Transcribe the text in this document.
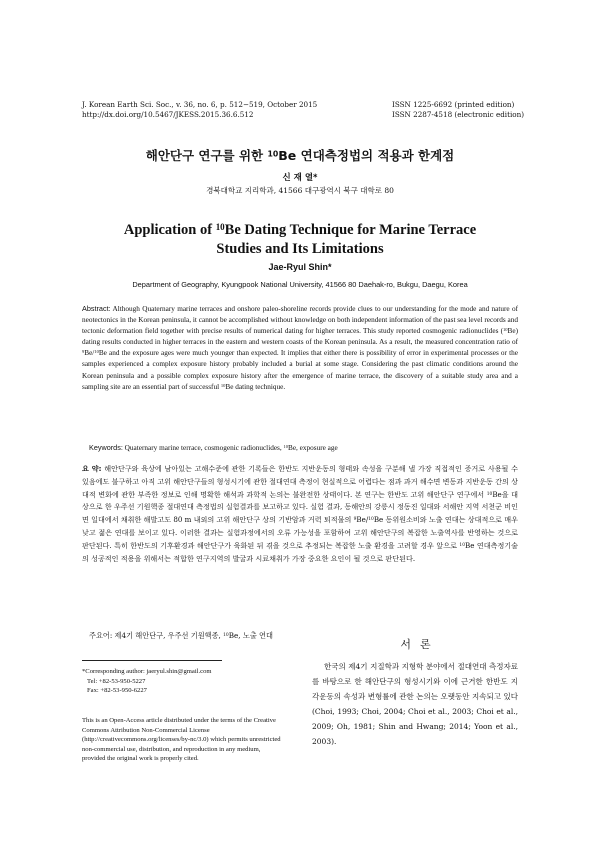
J. Korean Earth Sci. Soc., v. 36, no. 6, p. 512−519, October 2015
http://dx.doi.org/10.5467/JKESS.2015.36.6.512
ISSN 1225-6692 (printed edition)
ISSN 2287-4518 (electronic edition)
해안단구 연구를 위한 $^{10}$Be 연대측정법의 적용과 한계점
신 재 열*
경북대학교 지리학과, 41566 대구광역시 북구 대학로 80
Application of $^{10}$Be Dating Technique for Marine Terrace
Studies and Its Limitations
Jae-Ryul Shin*
Department of Geography, Kyungpook National University, 41566 80 Daehak-ro, Bukgu, Daegu, Korea
Abstract: Although Quaternary marine terraces and onshore paleo-shoreline records provide clues to our understanding for the mode and nature of neotectonics in the Korean peninsula, it cannot be accomplished without knowledge on both independent information of the past sea level records and tectonic deformation field together with precise results of numerical dating for higher terraces. This study reported cosmogenic radionuclides ($^{10}$Be) dating results conducted in higher terraces in the eastern and western coasts of the Korean peninsula. As a result, the measured concentration ratio of $^9$Be/$^{10}$Be and the exposure ages were much younger than expected. It implies that either there is possibility of error in experimental processes or the samples experienced a complex exposure history probably included a burial at some stage. Considering the past climatic conditions around the Korean peninsula and a possible complex exposure history after the emergence of marine terrace, the discovery of a suitable study area and a sampling site are an essential part of successful $^{10}$Be dating technique.
Keywords: Quaternary marine terrace, cosmogenic radionuclides, $^{10}$Be, exposure age
요 약: 해안단구와 육상에 남아있는 고해수준에 관한 기록들은 한반도 지반운동의 형태와 속성을 구분해 낼 가장 직접적인 증거로 사용될 수 있음에도 불구하고 아직 고위 해안단구들의 형성시기에 관한 절대연대 측정이 현실적으로 어렵다는 점과 과거 해수면 변동과 지반운동 간의 상대적 변화에 관한 부족한 정보로 인해 명확한 해석과 과학적 논의는 불완전한 상태이다. 본 연구는 한반도 고위 해안단구 연구에서 $^{10}$Be을 대상으로 한 우주선 기원핵종 절대연대 측정법의 실험결과를 보고하고 있다. 실험 결과, 동해안의 강릉시 정동진 일대와 서해안 지역 서천군 비인면 일대에서 채취한 해발고도 80 m 내외의 고위 해안단구 상의 기반암과 거력 퇴적물의 $^9$Be/$^{10}$Be 동위원소비와 노출 연대는 상대적으로 매우 낮고 젊은 연대를 보이고 있다. 이러한 결과는 실험과정에서의 오류 가능성을 포함하여 고위 해안단구의 복잡한 노출역사를 반영하는 것으로 판단된다. 특히 한반도의 기후환경과 해안단구가 육화된 뒤 겪을 것으로 추정되는 복잡한 노출 환경을 고려할 경우 앞으로 $^{10}$Be 연대측정기술의 성공적인 적용을 위해서는 적합한 연구지역의 발굴과 시료채취가 가장 중요한 요인이 될 것으로 판단된다.
주요어: 제4기 해안단구, 우주선 기원핵종, $^{10}$Be, 노출 연대
*Corresponding author: jaeryul.shin@gmail.com
Tel: +82-53-950-5227
Fax: +82-53-950-6227
This is an Open-Access article distributed under the terms of the Creative Commons Attribution Non-Commercial License (http://creativecommons.org/licenses/by-nc/3.0) which permits unrestricted non-commercial use, distribution, and reproduction in any medium, provided the original work is properly cited.
서론
한국의 제4기 지질학과 지형학 분야에서 절대연대 측정자료를 바탕으로 한 해안단구의 형성시기와 이에 근거한 한반도 지각운동의 속성과 변형률에 관한 논의는 오랫동안 지속되고 있다(Choi, 1993; Choi, 2004; Choi et al., 2003; Choi et al., 2009; Oh, 1981; Shin and Hwang; 2014; Yoon et al., 2003).
